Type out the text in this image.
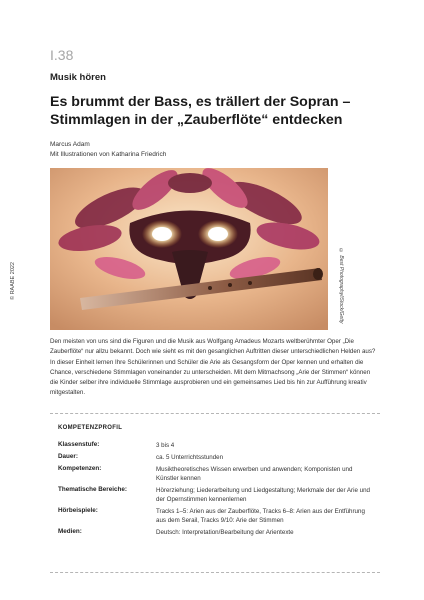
I.38
Musik hören
Es brummt der Bass, es trällert der Sopran – Stimmlagen in der „Zauberflöte“ entdecken
Marcus Adam
Mit Illustrationen von Katharina Friedrich
© RAABE 2022	© Best Photography/iStock/Getty
Den meisten von uns sind die Figuren und die Musik aus Wolfgang Amadeus Mozarts weltberühmter Oper „Die Zauberflöte“ nur allzu bekannt. Doch wie sieht es mit den gesanglichen Auftritten dieser unterschiedlichen Helden aus? In dieser Einheit lernen Ihre Schülerinnen und Schüler die Arie als Gesangsform der Oper kennen und erhalten die Chance, verschiedene Stimmlagen voneinander zu unterscheiden. Mit dem Mitmachsong „Arie der Stimmen“ können die Kinder selber ihre individuelle Stimmlage ausprobieren und ein gemeinsames Lied bis hin zur Aufführung kreativ mitgestalten.
KOMPETENZPROFIL
Klassenstufe:	3 bis 4
Dauer:	ca. 5 Unterrichtsstunden
Kompetenzen:	Musiktheoretisches Wissen erwerben und anwenden; Komponisten und Künstler kennen
Thematische Bereiche:	Hörerziehung; Liederarbeitung und Liedgestaltung; Merkmale der der Arie und der Opernstimmen kennenlernen
Hörbeispiele:	Tracks 1–5: Arien aus der Zauberflöte, Tracks 6–8: Arien aus der Entführung aus dem Serail, Tracks 9/10: Arie der Stimmen
Medien:	Deutsch: Interpretation/Bearbeitung der Arientexte
